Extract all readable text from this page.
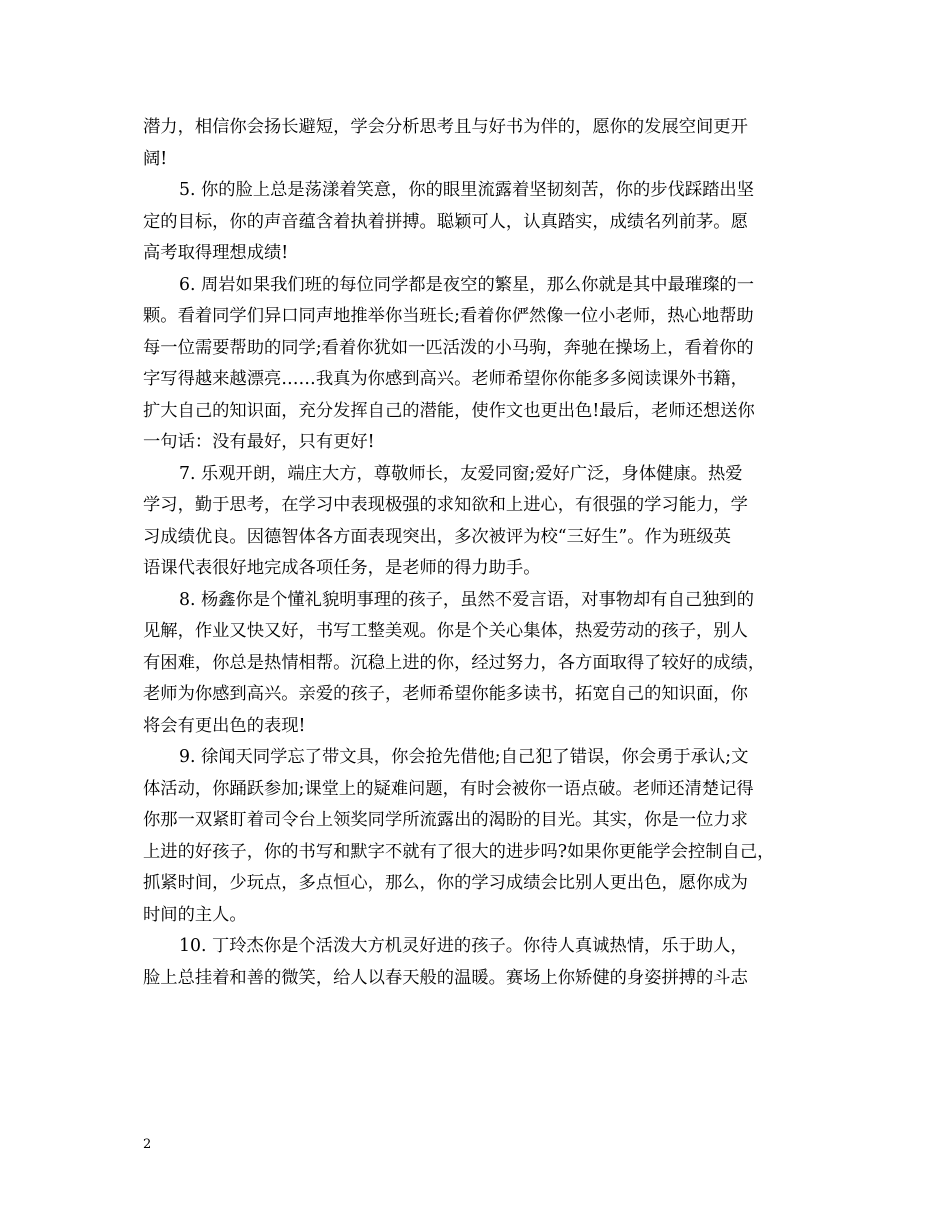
潜力，相信你会扬长避短，学会分析思考且与好书为伴的，愿你的发展空间更开
阔!
5. 你的脸上总是荡漾着笑意，你的眼里流露着坚韧刻苦，你的步伐踩踏出坚
定的目标，你的声音蕴含着执着拼搏。聪颖可人，认真踏实，成绩名列前茅。愿
高考取得理想成绩!
6. 周岩如果我们班的每位同学都是夜空的繁星，那么你就是其中最璀璨的一
颗。看着同学们异口同声地推举你当班长;看着你俨然像一位小老师，热心地帮助
每一位需要帮助的同学;看着你犹如一匹活泼的小马驹，奔驰在操场上，看着你的
字写得越来越漂亮……我真为你感到高兴。老师希望你你能多多阅读课外书籍，
扩大自己的知识面，充分发挥自己的潜能，使作文也更出色!最后，老师还想送你
一句话：没有最好，只有更好!
7. 乐观开朗，端庄大方，尊敬师长，友爱同窗;爱好广泛，身体健康。热爱
学习，勤于思考，在学习中表现极强的求知欲和上进心，有很强的学习能力，学
习成绩优良。因德智体各方面表现突出，多次被评为校“三好生”。作为班级英
语课代表很好地完成各项任务，是老师的得力助手。
8. 杨鑫你是个懂礼貌明事理的孩子，虽然不爱言语，对事物却有自己独到的
见解，作业又快又好，书写工整美观。你是个关心集体，热爱劳动的孩子，别人
有困难，你总是热情相帮。沉稳上进的你，经过努力，各方面取得了较好的成绩，
老师为你感到高兴。亲爱的孩子，老师希望你能多读书，拓宽自己的知识面，你
将会有更出色的表现!
9. 徐闻天同学忘了带文具，你会抢先借他;自己犯了错误，你会勇于承认;文
体活动，你踊跃参加;课堂上的疑难问题，有时会被你一语点破。老师还清楚记得
你那一双紧盯着司令台上领奖同学所流露出的渴盼的目光。其实，你是一位力求
上进的好孩子，你的书写和默字不就有了很大的进步吗?如果你更能学会控制自己，
抓紧时间，少玩点，多点恒心，那么，你的学习成绩会比别人更出色，愿你成为
时间的主人。
10. 丁玲杰你是个活泼大方机灵好进的孩子。你待人真诚热情，乐于助人，
脸上总挂着和善的微笑，给人以春天般的温暖。赛场上你矫健的身姿拼搏的斗志
2
